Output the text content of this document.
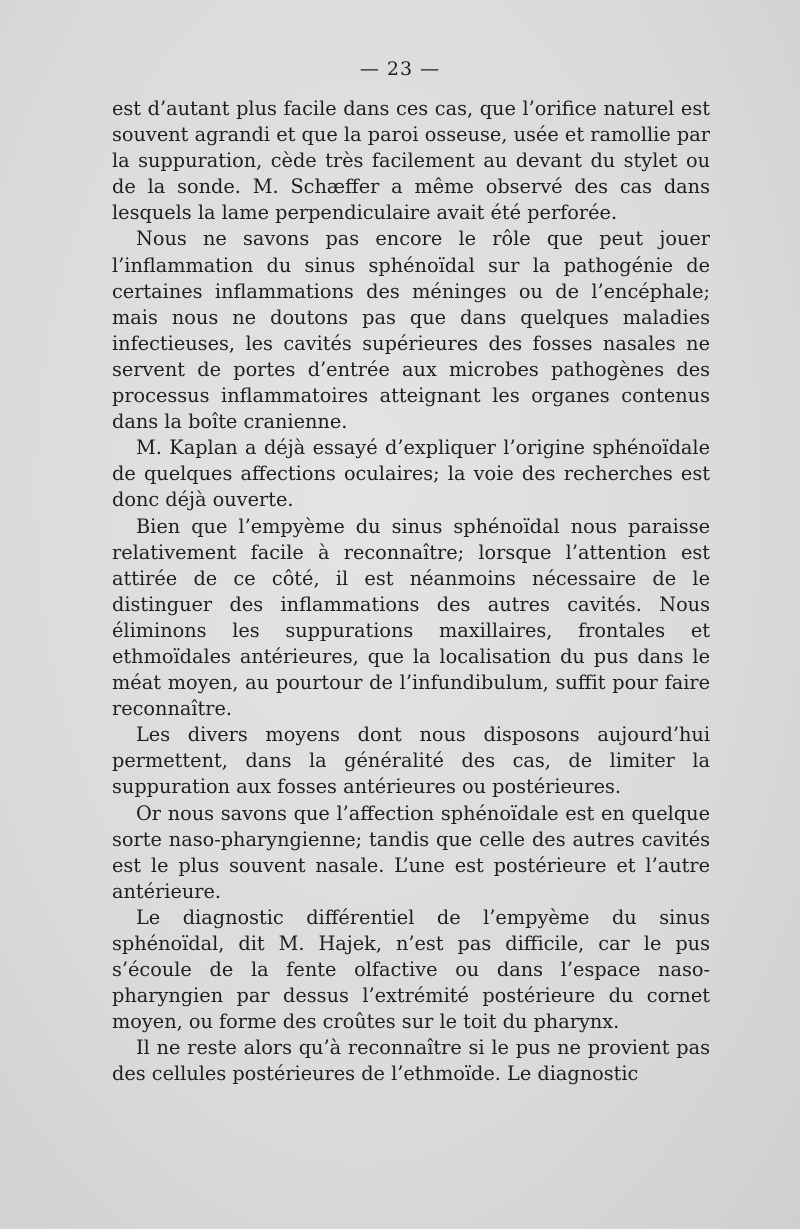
— 23 —

est d’autant plus facile dans ces cas, que l’orifice naturel est souvent agrandi et que la paroi osseuse, usée et ramollie par la suppuration, cède très facilement au devant du stylet ou de la sonde. M. Schæffer a même observé des cas dans lesquels la lame perpendiculaire avait été perforée.

Nous ne savons pas encore le rôle que peut jouer l’inflammation du sinus sphénoïdal sur la pathogénie de certaines inflammations des méninges ou de l’encéphale; mais nous ne doutons pas que dans quelques maladies infectieuses, les cavités supérieures des fosses nasales ne servent de portes d’entrée aux microbes pathogènes des processus inflammatoires atteignant les organes contenus dans la boîte cranienne.

M. Kaplan a déjà essayé d’expliquer l’origine sphénoïdale de quelques affections oculaires; la voie des recherches est donc déjà ouverte.

Bien que l’empyème du sinus sphénoïdal nous paraisse relativement facile à reconnaître; lorsque l’attention est attirée de ce côté, il est néanmoins nécessaire de le distinguer des inflammations des autres cavités. Nous éliminons les suppurations maxillaires, frontales et ethmoïdales antérieures, que la localisation du pus dans le méat moyen, au pourtour de l’infundibulum, suffit pour faire reconnaître.

Les divers moyens dont nous disposons aujourd’hui permettent, dans la généralité des cas, de limiter la suppuration aux fosses antérieures ou postérieures.

Or nous savons que l’affection sphénoïdale est en quelque sorte naso-pharyngienne; tandis que celle des autres cavités est le plus souvent nasale. L’une est postérieure et l’autre antérieure.

Le diagnostic différentiel de l’empyème du sinus sphénoïdal, dit M. Hajek, n’est pas difficile, car le pus s’écoule de la fente olfactive ou dans l’espace naso-pharyngien par dessus l’extrémité postérieure du cornet moyen, ou forme des croûtes sur le toit du pharynx.

Il ne reste alors qu’à reconnaître si le pus ne provient pas des cellules postérieures de l’ethmoïde. Le diagnostic
